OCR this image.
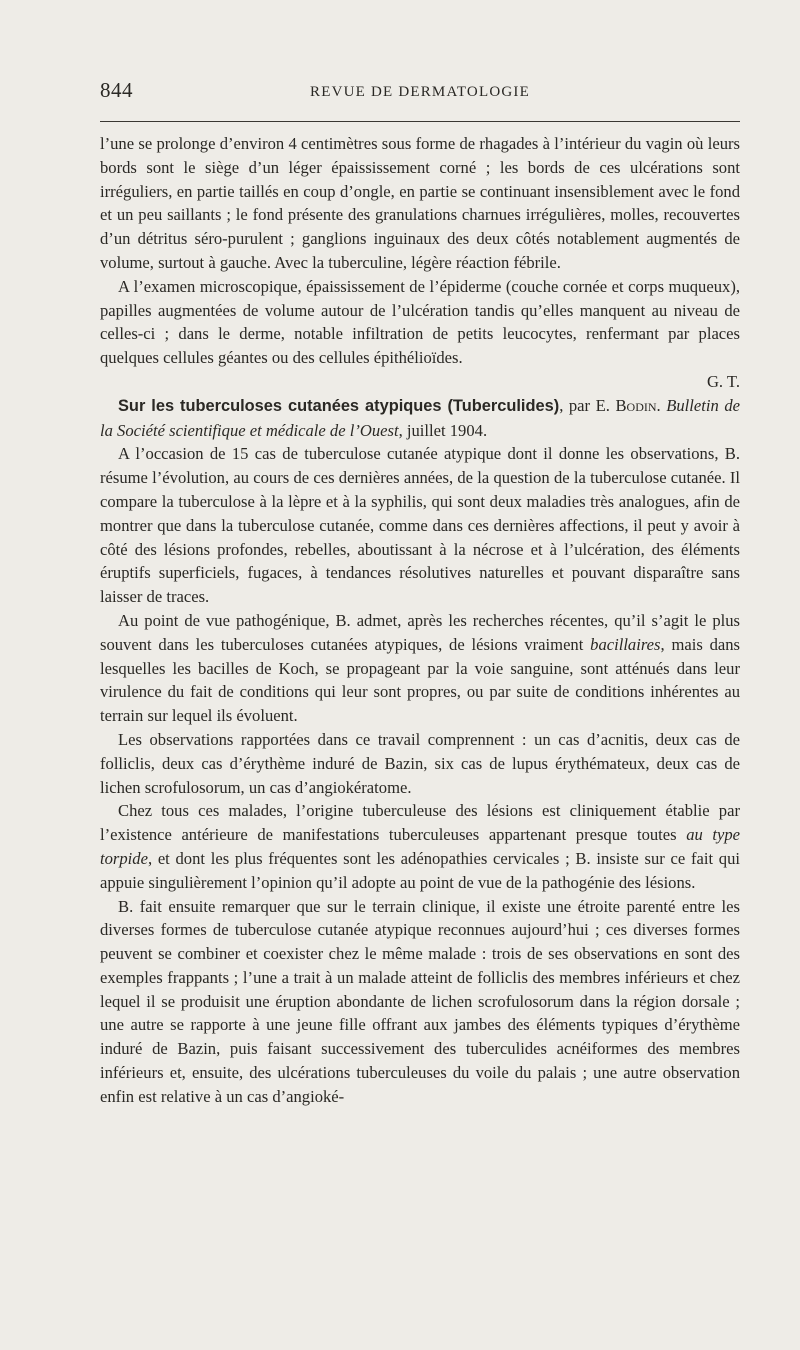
844	REVUE DE DERMATOLOGIE

l’une se prolonge d’environ 4 centimètres sous forme de rhagades à l’intérieur du vagin où leurs bords sont le siège d’un léger épaississement corné ; les bords de ces ulcérations sont irréguliers, en partie taillés en coup d’ongle, en partie se continuant insensiblement avec le fond et un peu saillants ; le fond présente des granulations charnues irrégulières, molles, recouvertes d’un détritus séro-purulent ; ganglions inguinaux des deux côtés notablement augmentés de volume, surtout à gauche. Avec la tuberculine, légère réaction fébrile.

A l’examen microscopique, épaississement de l’épiderme (couche cornée et corps muqueux), papilles augmentées de volume autour de l’ulcération tandis qu’elles manquent au niveau de celles-ci ; dans le derme, notable infiltration de petits leucocytes, renfermant par places quelques cellules géantes ou des cellules épithélioïdes.
G. T.

Sur les tuberculoses cutanées atypiques (Tuberculides), par E. Bodin. Bulletin de la Société scientifique et médicale de l’Ouest, juillet 1904.

A l’occasion de 15 cas de tuberculose cutanée atypique dont il donne les observations, B. résume l’évolution, au cours de ces dernières années, de la question de la tuberculose cutanée. Il compare la tuberculose à la lèpre et à la syphilis, qui sont deux maladies très analogues, afin de montrer que dans la tuberculose cutanée, comme dans ces dernières affections, il peut y avoir à côté des lésions profondes, rebelles, aboutissant à la nécrose et à l’ulcération, des éléments éruptifs superficiels, fugaces, à tendances résolutives naturelles et pouvant disparaître sans laisser de traces.

Au point de vue pathogénique, B. admet, après les recherches récentes, qu’il s’agit le plus souvent dans les tuberculoses cutanées atypiques, de lésions vraiment bacillaires, mais dans lesquelles les bacilles de Koch, se propageant par la voie sanguine, sont atténués dans leur virulence du fait de conditions qui leur sont propres, ou par suite de conditions inhérentes au terrain sur lequel ils évoluent.

Les observations rapportées dans ce travail comprennent : un cas d’acnitis, deux cas de folliclis, deux cas d’érythème induré de Bazin, six cas de lupus érythémateux, deux cas de lichen scrofulosorum, un cas d’angiokératome.

Chez tous ces malades, l’origine tuberculeuse des lésions est cliniquement établie par l’existence antérieure de manifestations tuberculeuses appartenant presque toutes au type torpide, et dont les plus fréquentes sont les adénopathies cervicales ; B. insiste sur ce fait qui appuie singulièrement l’opinion qu’il adopte au point de vue de la pathogénie des lésions.

B. fait ensuite remarquer que sur le terrain clinique, il existe une étroite parenté entre les diverses formes de tuberculose cutanée atypique reconnues aujourd’hui ; ces diverses formes peuvent se combiner et coexister chez le même malade : trois de ses observations en sont des exemples frappants ; l’une a trait à un malade atteint de folliclis des membres inférieurs et chez lequel il se produisit une éruption abondante de lichen scrofulosorum dans la région dorsale ; une autre se rapporte à une jeune fille offrant aux jambes des éléments typiques d’érythème induré de Bazin, puis faisant successivement des tuberculides acnéiformes des membres inférieurs et, ensuite, des ulcérations tuberculeuses du voile du palais ; une autre observation enfin est relative à un cas d’angioké-
